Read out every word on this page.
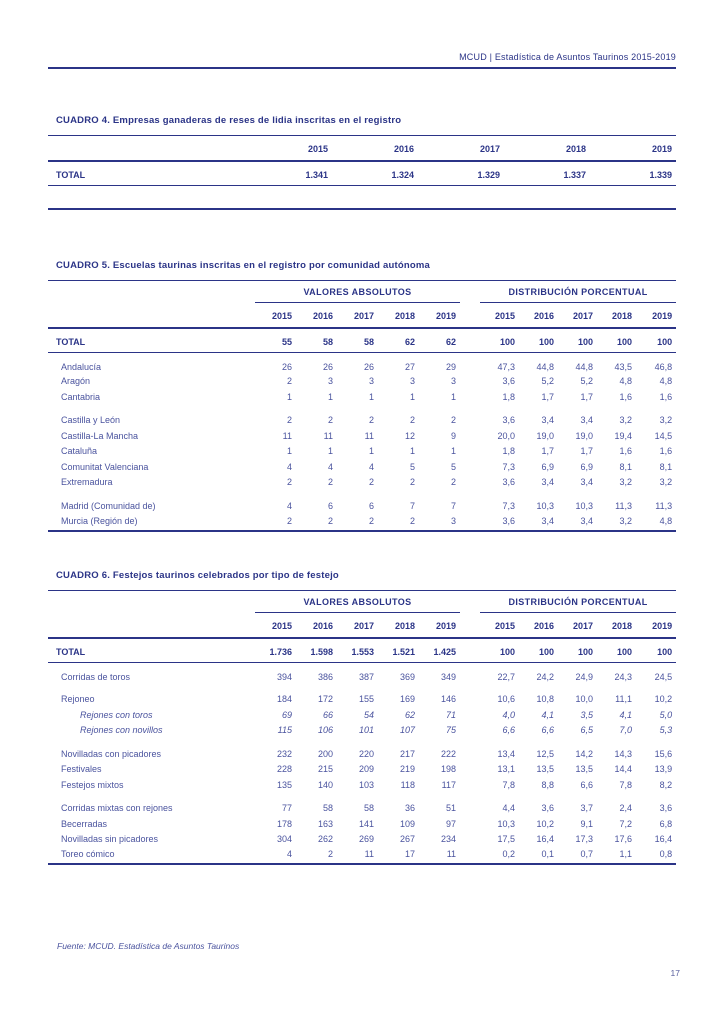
MCUD | Estadística de Asuntos Taurinos 2015-2019
CUADRO 4. Empresas ganaderas de reses de lidia inscritas en el registro
	2015	2016	2017	2018	2019
TOTAL	1.341	1.324	1.329	1.337	1.339

CUADRO 5. Escuelas taurinas inscritas en el registro por comunidad autónoma
	VALORES ABSOLUTOS						DISTRIBUCIÓN PORCENTUAL				
	2015	2016	2017	2018	2019		2015	2016	2017	2018	2019
TOTAL	55	58	58	62	62		100	100	100	100	100
Andalucía	26	26	26	27	29		47,3	44,8	44,8	43,5	46,8
Aragón	2	3	3	3	3		3,6	5,2	5,2	4,8	4,8
Cantabria	1	1	1	1	1		1,8	1,7	1,7	1,6	1,6

Castilla y León	2	2	2	2	2		3,6	3,4	3,4	3,2	3,2
Castilla-La Mancha	11	11	11	12	9		20,0	19,0	19,0	19,4	14,5
Cataluña	1	1	1	1	1		1,8	1,7	1,7	1,6	1,6
Comunitat Valenciana	4	4	4	5	5		7,3	6,9	6,9	8,1	8,1
Extremadura	2	2	2	2	2		3,6	3,4	3,4	3,2	3,2

Madrid (Comunidad de)	4	6	6	7	7		7,3	10,3	10,3	11,3	11,3
Murcia (Región de)	2	2	2	2	3		3,6	3,4	3,4	3,2	4,8
CUADRO 6. Festejos taurinos celebrados por tipo de festejo
	VALORES ABSOLUTOS						DISTRIBUCIÓN PORCENTUAL				
	2015	2016	2017	2018	2019		2015	2016	2017	2018	2019
TOTAL	1.736	1.598	1.553	1.521	1.425		100	100	100	100	100
Corridas de toros	394	386	387	369	349		22,7	24,2	24,9	24,3	24,5

Rejoneo	184	172	155	169	146		10,6	10,8	10,0	11,1	10,2
Rejones con toros	69	66	54	62	71		4,0	4,1	3,5	4,1	5,0
Rejones con novillos	115	106	101	107	75		6,6	6,6	6,5	7,0	5,3

Novilladas con picadores	232	200	220	217	222		13,4	12,5	14,2	14,3	15,6
Festivales	228	215	209	219	198		13,1	13,5	13,5	14,4	13,9
Festejos mixtos	135	140	103	118	117		7,8	8,8	6,6	7,8	8,2

Corridas mixtas con rejones	77	58	58	36	51		4,4	3,6	3,7	2,4	3,6
Becerradas	178	163	141	109	97		10,3	10,2	9,1	7,2	6,8
Novilladas sin picadores	304	262	269	267	234		17,5	16,4	17,3	17,6	16,4
Toreo cómico	4	2	11	17	11		0,2	0,1	0,7	1,1	0,8
Fuente: MCUD. Estadística de Asuntos Taurinos
17
